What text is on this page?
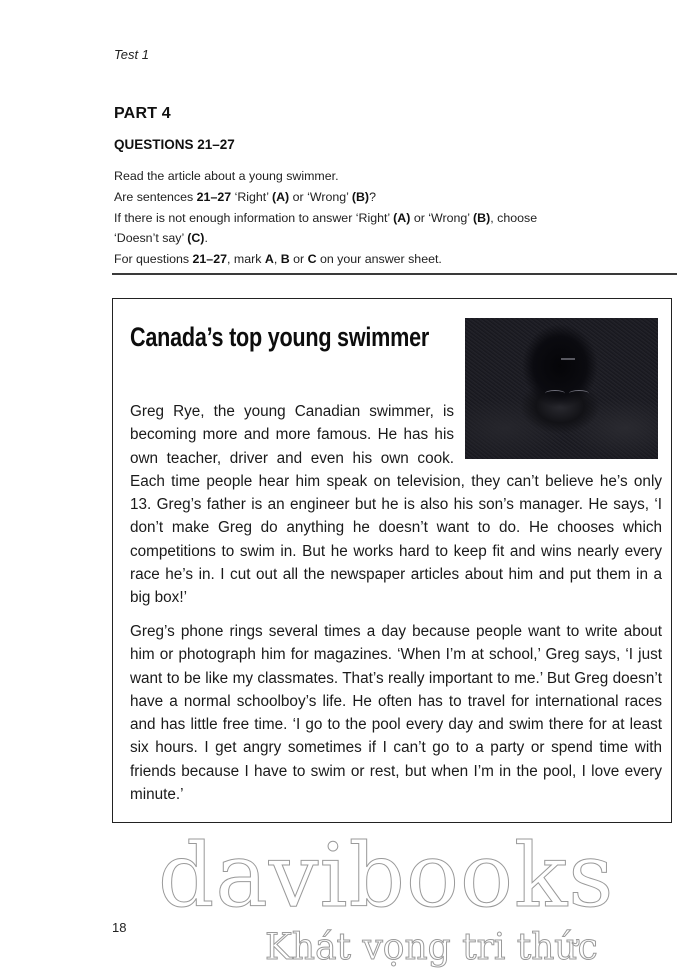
Test 1
PART 4
QUESTIONS 21–27

Read the article about a young swimmer.

Are sentences 21–27 ‘Right’ (A) or ‘Wrong’ (B)?

If there is not enough information to answer ‘Right’ (A) or ‘Wrong’ (B), choose
‘Doesn’t say’ (C).

For questions 21–27, mark A, B or C on your answer sheet.

Canada’s top young swimmer
Greg Rye, the young Canadian swimmer, is becoming more and more famous. He has his own teacher, driver and even his own cook. Each time people hear him speak on television, they can’t believe he’s only 13. Greg’s father is an engineer but he is also his son’s manager. He says, ‘I don’t make Greg do anything he doesn’t want to do. He chooses which competitions to swim in. But he works hard to keep fit and wins nearly every race he’s in. I cut out all the newspaper articles about him and put them in a big box!’
Greg’s phone rings several times a day because people want to write about him or photograph him for magazines. ‘When I’m at school,’ Greg says, ‘I just want to be like my classmates. That’s really important to me.’ But Greg doesn’t have a normal schoolboy’s life. He often has to travel for international races and has little free time. ‘I go to the pool every day and swim there for at least six hours. I get angry sometimes if I can’t go to a party or spend time with friends because I have to swim or rest, but when I’m in the pool, I love every minute.’
davibooks
Khát vọng tri thức
18
